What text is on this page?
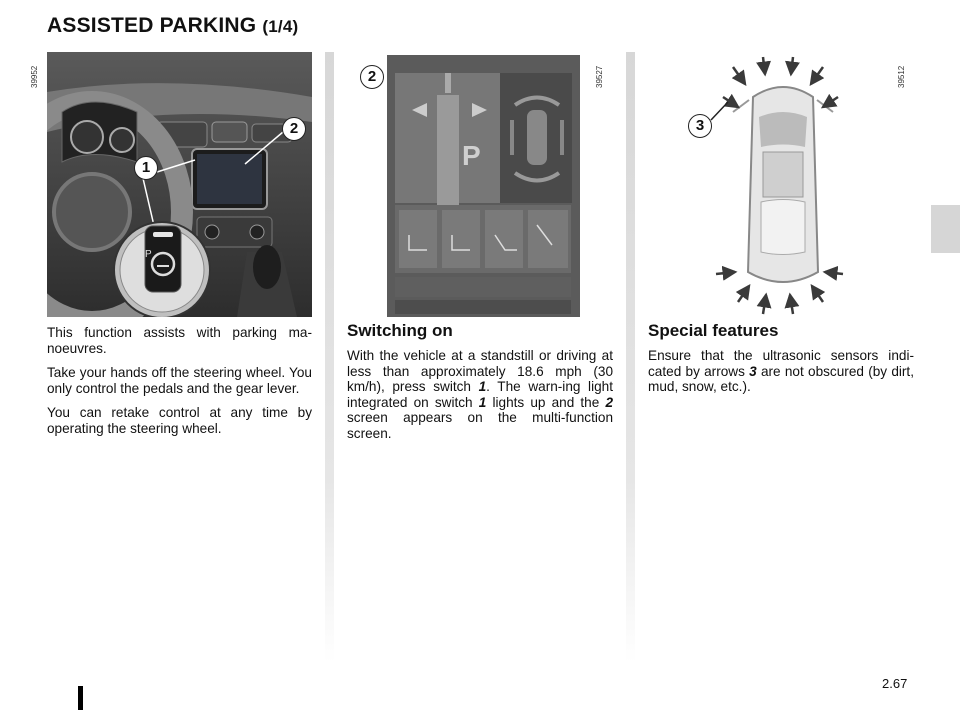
ASSISTED PARKING (1/4)
P
1
2
39952
P
2	39527
3
39512

This function assists with parking ma-noeuvres.

Take your hands off the steering wheel. You only control the pedals and the gear lever.

You can retake control at any time by operating the steering wheel.

Switching on

With the vehicle at a standstill or driving at less than approximately 18.6 mph (30 km/h), press switch 1. The warn-ing light integrated on switch 1 lights up and the 2 screen appears on the multi-function screen.

Special features

Ensure that the ultrasonic sensors indi-cated by arrows 3 are not obscured (by dirt, mud, snow, etc.).

2.67
